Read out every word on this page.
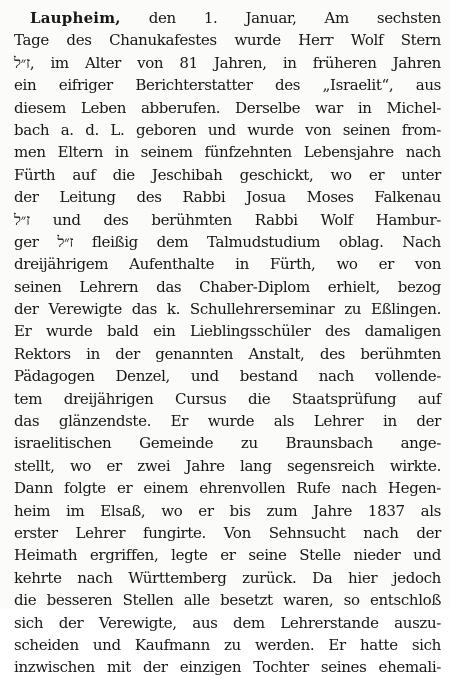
Laupheim, den 1. Januar, Am sechsten
Tage des Chanukafestes wurde Herr Wolf Stern
ז״ל, im Alter von 81 Jahren, in früheren Jahren
ein eifriger Berichterstatter des „Israelit“, aus
diesem Leben abberufen. Derselbe war in Michel-
bach a. d. L. geboren und wurde von seinen from-
men Eltern in seinem fünfzehnten Lebensjahre nach
Fürth auf die Jeschibah geschickt, wo er unter
der Leitung des Rabbi Josua Moses Falkenau
ז״ל und des berühmten Rabbi Wolf Hambur-
ger ז״ל fleißig dem Talmudstudium oblag. Nach
dreijährigem Aufenthalte in Fürth, wo er von
seinen Lehrern das Chaber-Diplom erhielt, bezog
der Verewigte das k. Schullehrerseminar zu Eßlingen.
Er wurde bald ein Lieblingsschüler des damaligen
Rektors in der genannten Anstalt, des berühmten
Pädagogen Denzel, und bestand nach vollende-
tem dreijährigen Cursus die Staatsprüfung auf
das glänzendste. Er wurde als Lehrer in der
israelitischen Gemeinde zu Braunsbach ange-
stellt, wo er zwei Jahre lang segensreich wirkte.
Dann folgte er einem ehrenvollen Rufe nach Hegen-
heim im Elsaß, wo er bis zum Jahre 1837 als
erster Lehrer fungirte. Von Sehnsucht nach der
Heimath ergriffen, legte er seine Stelle nieder und
kehrte nach Württemberg zurück. Da hier jedoch
die besseren Stellen alle besetzt waren, so entschloß
sich der Verewigte, aus dem Lehrerstande auszu-
scheiden und Kaufmann zu werden. Er hatte sich
inzwischen mit der einzigen Tochter seines ehemali-
